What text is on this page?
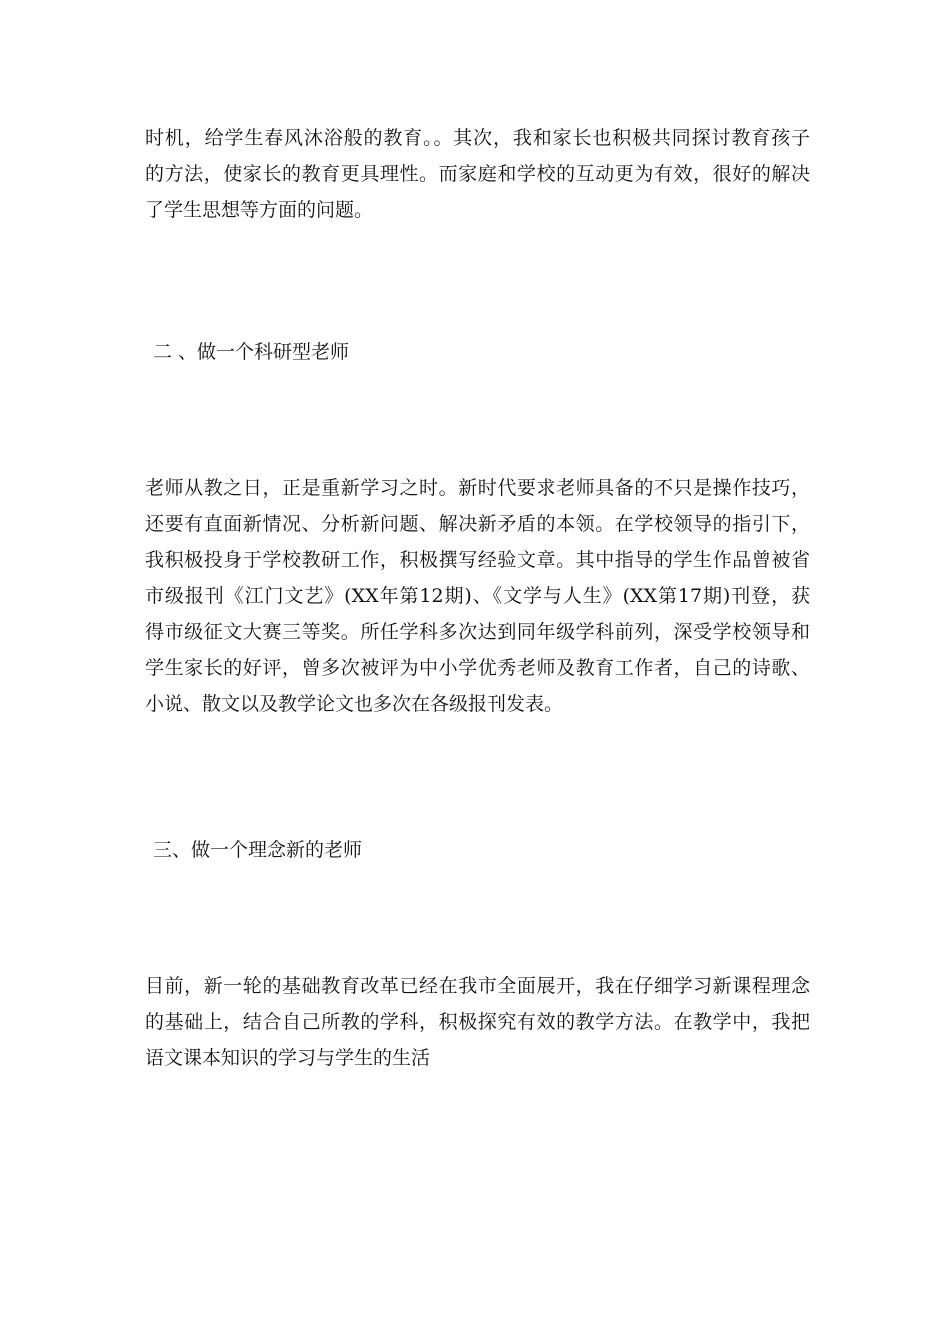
时机，给学生春风沐浴般的教育。。其次，我和家长也积极共同探讨教育孩子
的方法，使家长的教育更具理性。而家庭和学校的互动更为有效，很好的解决
了学生思想等方面的问题。
二 、做一个科研型老师
老师从教之日，正是重新学习之时。新时代要求老师具备的不只是操作技巧，
还要有直面新情况、分析新问题、解决新矛盾的本领。在学校领导的指引下，
我积极投身于学校教研工作，积极撰写经验文章。其中指导的学生作品曾被省
市级报刊《江门文艺》(XX年第12期)、《文学与人生》(XX第17期)刊登，获
得市级征文大赛三等奖。所任学科多次达到同年级学科前列，深受学校领导和
学生家长的好评，曾多次被评为中小学优秀老师及教育工作者，自己的诗歌、
小说、散文以及教学论文也多次在各级报刊发表。
三、做一个理念新的老师
目前，新一轮的基础教育改革已经在我市全面展开，我在仔细学习新课程理念
的基础上，结合自己所教的学科，积极探究有效的教学方法。在教学中，我把
语文课本知识的学习与学生的生活
